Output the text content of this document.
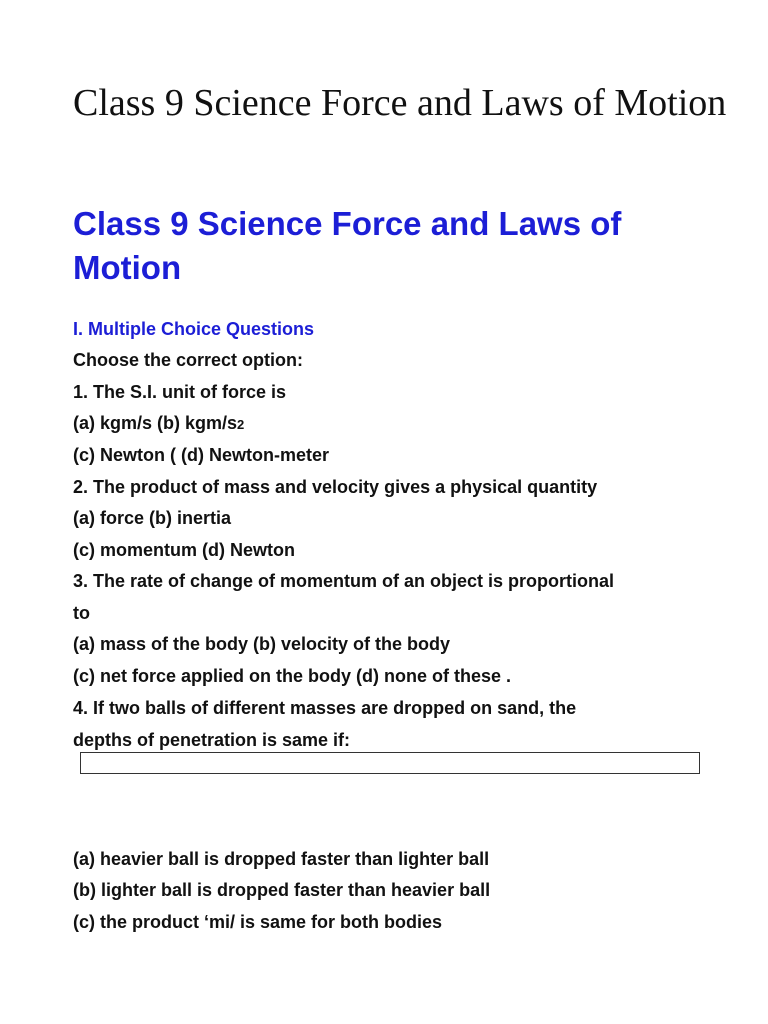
Class 9 Science Force and Laws of Motion
Class 9 Science Force and Laws of Motion
I. Multiple Choice Questions
Choose the correct option:
1. The S.I. unit of force is
(a) kgm/s (b) kgm/s2
(c) Newton ( (d) Newton-meter
2. The product of mass and velocity gives a physical quantity
(a) force (b) inertia
(c) momentum (d) Newton
3. The rate of change of momentum of an object is proportional
to
(a) mass of the body (b) velocity of the body
(c) net force applied on the body (d) none of these .
4. If two balls of different masses are dropped on sand, the
depths of penetration is same if:
(a) heavier ball is dropped faster than lighter ball
(b) lighter ball is dropped faster than heavier ball
(c) the product ‘mi/ is same for both bodies
